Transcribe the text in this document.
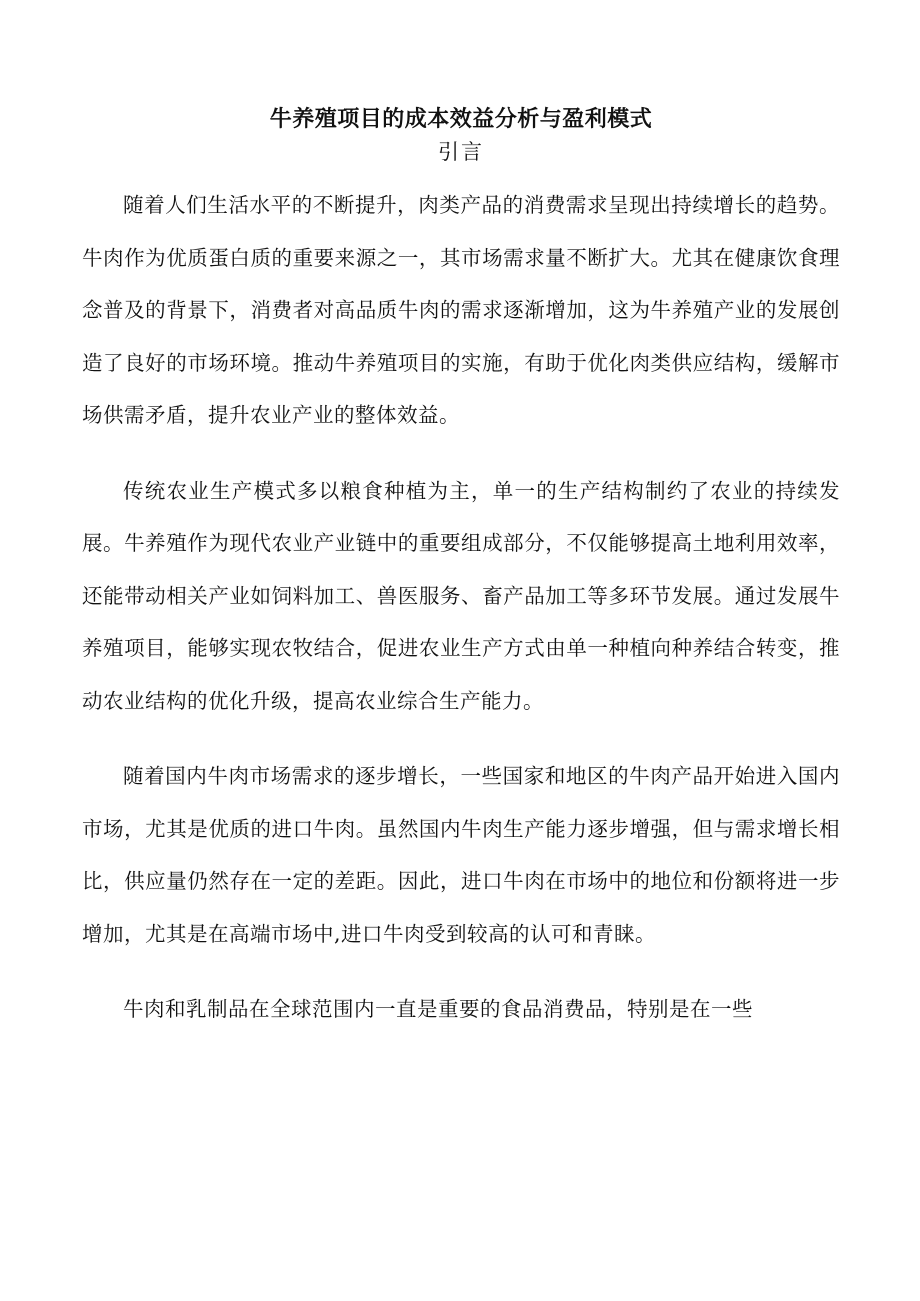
牛养殖项目的成本效益分析与盈利模式
引言

随着人们生活水平的不断提升，肉类产品的消费需求呈现出持续增长的趋势。牛肉作为优质蛋白质的重要来源之一，其市场需求量不断扩大。尤其在健康饮食理念普及的背景下，消费者对高品质牛肉的需求逐渐增加，这为牛养殖产业的发展创造了良好的市场环境。推动牛养殖项目的实施，有助于优化肉类供应结构，缓解市场供需矛盾，提升农业产业的整体效益。

传统农业生产模式多以粮食种植为主，单一的生产结构制约了农业的持续发展。牛养殖作为现代农业产业链中的重要组成部分，不仅能够提高土地利用效率，还能带动相关产业如饲料加工、兽医服务、畜产品加工等多环节发展。通过发展牛养殖项目，能够实现农牧结合，促进农业生产方式由单一种植向种养结合转变，推动农业结构的优化升级，提高农业综合生产能力。

随着国内牛肉市场需求的逐步增长，一些国家和地区的牛肉产品开始进入国内市场，尤其是优质的进口牛肉。虽然国内牛肉生产能力逐步增强，但与需求增长相比，供应量仍然存在一定的差距。因此，进口牛肉在市场中的地位和份额将进一步增加，尤其是在高端市场中,进口牛肉受到较高的认可和青睐。

牛肉和乳制品在全球范围内一直是重要的食品消费品，特别是在一些
